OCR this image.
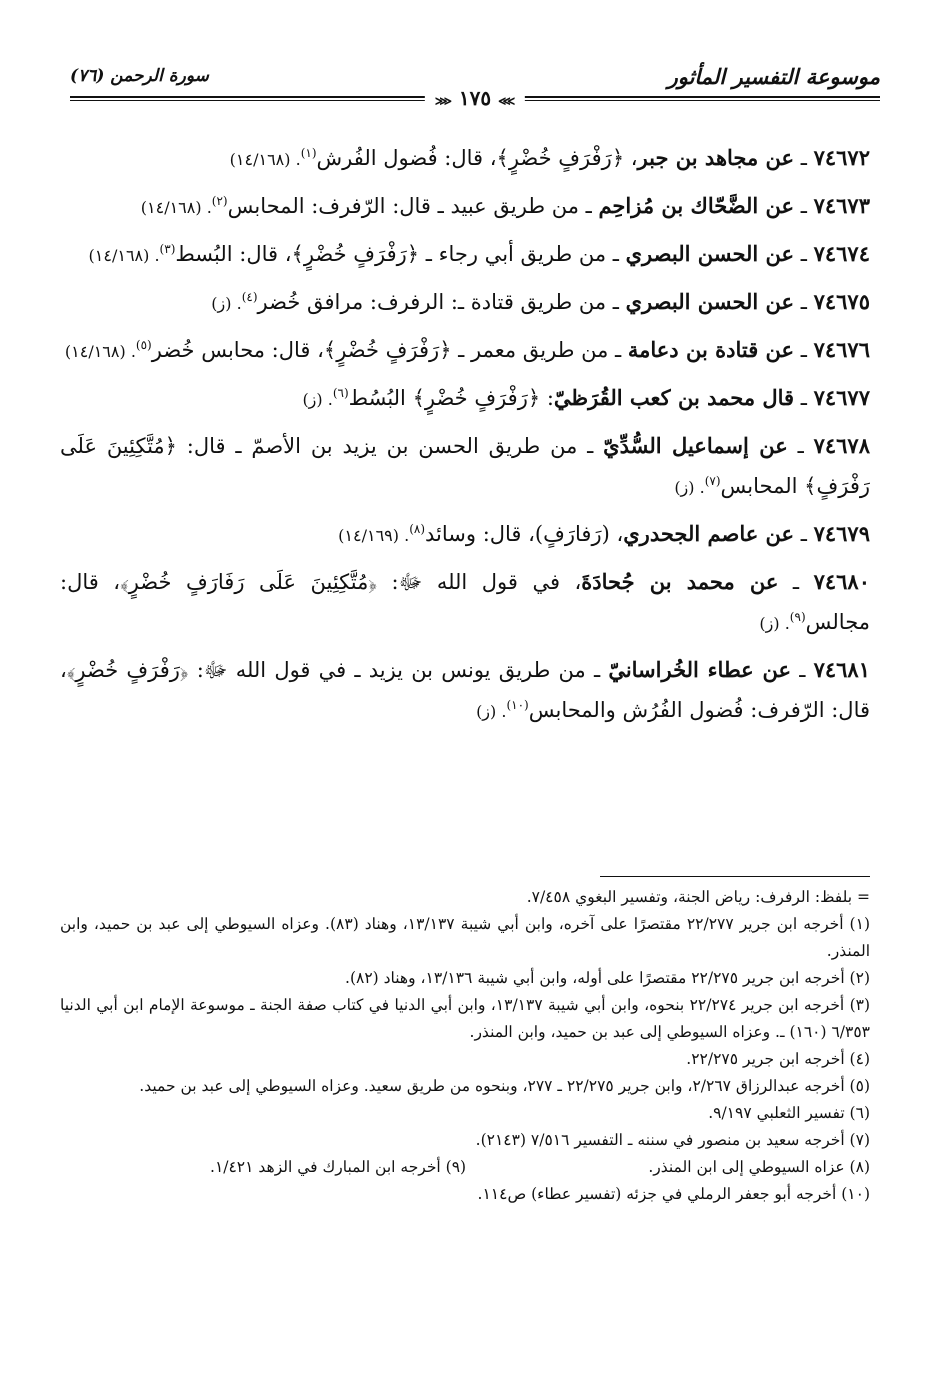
موسوعة التفسير المأثور
سورة الرحمن (٧٦)
⋙ ١٧٥ ⋘

٧٤٦٧٢ ـ عن مجاهد بن جبر، ﴿رَفْرَفٍ خُضْرٍ﴾، قال: فُضول الفُرش$^{(١)}$. (١٤/١٦٨)

٧٤٦٧٣ ـ عن الضَّحّاك بن مُزاحِم ـ من طريق عبيد ـ قال: الرّفرف: المحابس$^{(٢)}$. (١٤/١٦٨)

٧٤٦٧٤ ـ عن الحسن البصري ـ من طريق أبي رجاء ـ ﴿رَفْرَفٍ خُضْرٍ﴾، قال: البُسط$^{(٣)}$. (١٤/١٦٨)

٧٤٦٧٥ ـ عن الحسن البصري ـ من طريق قتادة ـ: الرفرف: مرافق خُضر$^{(٤)}$. (ز)

٧٤٦٧٦ ـ عن قتادة بن دعامة ـ من طريق معمر ـ ﴿رَفْرَفٍ خُضْرٍ﴾، قال: محابس خُضر$^{(٥)}$. (١٤/١٦٨)

٧٤٦٧٧ ـ قال محمد بن كعب القُرَظيّ: ﴿رَفْرَفٍ خُضْرٍ﴾ البُسُط$^{(٦)}$. (ز)

٧٤٦٧٨ ـ عن إسماعيل السُّدِّيّ ـ من طريق الحسن بن يزيد بن الأصمّ ـ قال: ﴿مُتَّكِئِينَ عَلَى رَفْرَفٍ﴾ المحابس$^{(٧)}$. (ز)

٧٤٦٧٩ ـ عن عاصم الجحدري، (رَفارَفٍ)، قال: وسائد$^{(٨)}$. (١٤/١٦٩)

٧٤٦٨٠ ـ عن محمد بن جُحادَةَ، في قول الله ﷻ: ﴿مُتَّكِئِينَ عَلَى رَفَارَفٍ خُضْرٍ﴾، قال: مجالس$^{(٩)}$. (ز)

٧٤٦٨١ ـ عن عطاء الخُراسانيّ ـ من طريق يونس بن يزيد ـ في قول الله ﷻ: ﴿رَفْرَفٍ خُضْرٍ﴾، قال: الرّفرف: فُضول الفُرُش والمحابس$^{(١٠)}$. (ز)

= بلفظ: الرفرف: رياض الجنة، وتفسير البغوي ٧/٤٥٨.

(١) أخرجه ابن جرير ٢٢/٢٧٧ مقتصرًا على آخره، وابن أبي شيبة ١٣/١٣٧، وهناد (٨٣). وعزاه السيوطي إلى عبد بن حميد، وابن المنذر.

(٢) أخرجه ابن جرير ٢٢/٢٧٥ مقتصرًا على أوله، وابن أبي شيبة ١٣/١٣٦، وهناد (٨٢).

(٣) أخرجه ابن جرير ٢٢/٢٧٤ بنحوه، وابن أبي شيبة ١٣/١٣٧، وابن أبي الدنيا في كتاب صفة الجنة ـ موسوعة الإمام ابن أبي الدنيا ٦/٣٥٣ (١٦٠) ـ. وعزاه السيوطي إلى عبد بن حميد، وابن المنذر.

(٤) أخرجه ابن جرير ٢٢/٢٧٥.

(٥) أخرجه عبدالرزاق ٢/٢٦٧، وابن جرير ٢٢/٢٧٥ ـ ٢٧٧، وبنحوه من طريق سعيد. وعزاه السيوطي إلى عبد بن حميد.

(٦) تفسير الثعلبي ٩/١٩٧.

(٧) أخرجه سعيد بن منصور في سننه ـ التفسير ٧/٥١٦ (٢١٤٣).

(٨) عزاه السيوطي إلى ابن المنذر.
(٩) أخرجه ابن المبارك في الزهد ١/٤٢١.

(١٠) أخرجه أبو جعفر الرملي في جزئه (تفسير عطاء) ص١١٤.
